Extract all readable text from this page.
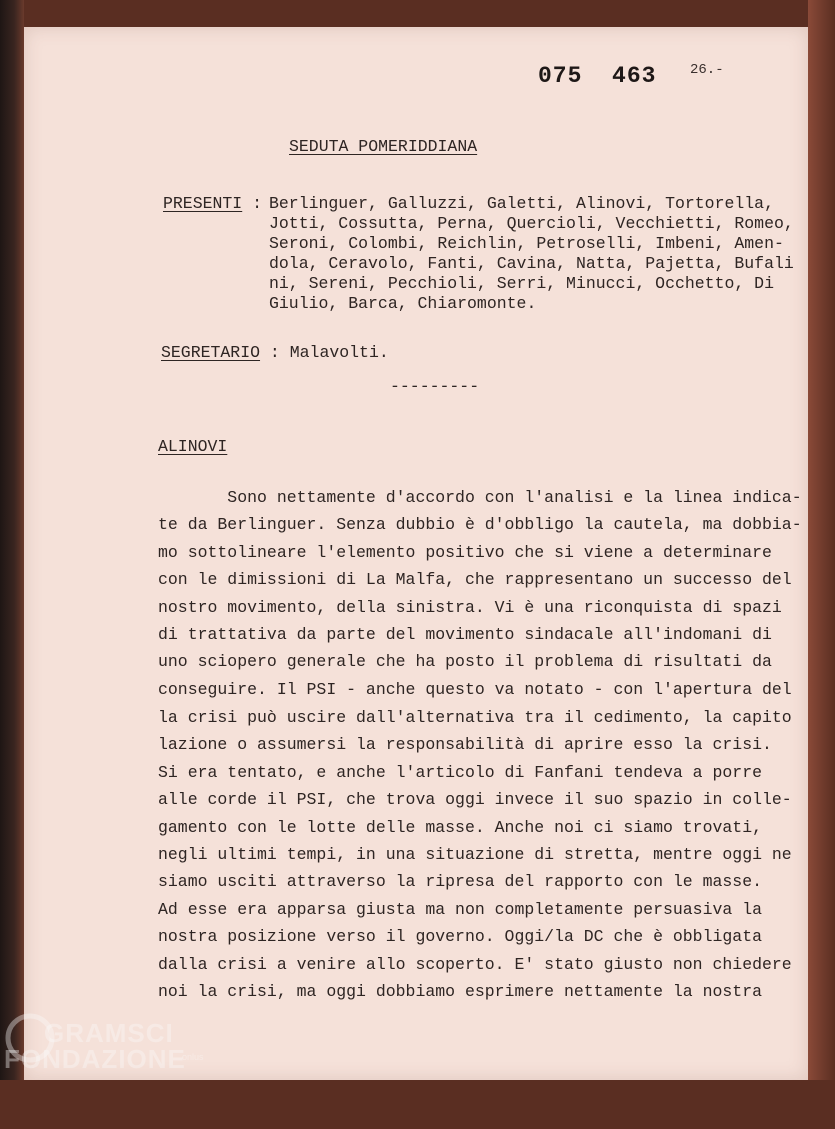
075  463 26.-
SEDUTA POMERIDDIANA
PRESENTI :
Berlinguer, Galluzzi, Galetti, Alinovi, Tortorella,
Jotti, Cossutta, Perna, Quercioli, Vecchietti, Romeo,
Seroni, Colombi, Reichlin, Petroselli, Imbeni, Amen-
dola, Ceravolo, Fanti, Cavina, Natta, Pajetta, Bufali
ni, Sereni, Pecchioli, Serri, Minucci, Occhetto, Di
Giulio, Barca, Chiaromonte.
SEGRETARIO : Malavolti.
---------
ALINOVI
Sono nettamente d'accordo con l'analisi e la linea indica-
te da Berlinguer. Senza dubbio è d'obbligo la cautela, ma dobbia-
mo sottolineare l'elemento positivo che si viene a determinare
con le dimissioni di La Malfa, che rappresentano un successo del
nostro movimento, della sinistra. Vi è una riconquista di spazi
di trattativa da parte del movimento sindacale all'indomani di
uno sciopero generale che ha posto il problema di risultati da
conseguire. Il PSI - anche questo va notato - con l'apertura del
la crisi può uscire dall'alternativa tra il cedimento, la capito
lazione o assumersi la responsabilità di aprire esso la crisi.
Si era tentato, e anche l'articolo di Fanfani tendeva a porre
alle corde il PSI, che trova oggi invece il suo spazio in colle-
gamento con le lotte delle masse. Anche noi ci siamo trovati,
negli ultimi tempi, in una situazione di stretta, mentre oggi ne
siamo usciti attraverso la ripresa del rapporto con le masse.
Ad esse era apparsa giusta ma non completamente persuasiva la
nostra posizione verso il governo. Oggi/la DC che è obbligata
dalla crisi a venire allo scoperto. E' stato giusto non chiedere
noi la crisi, ma oggi dobbiamo esprimere nettamente la nostra

FONDAZIONE

GRAMSCI

onlus
